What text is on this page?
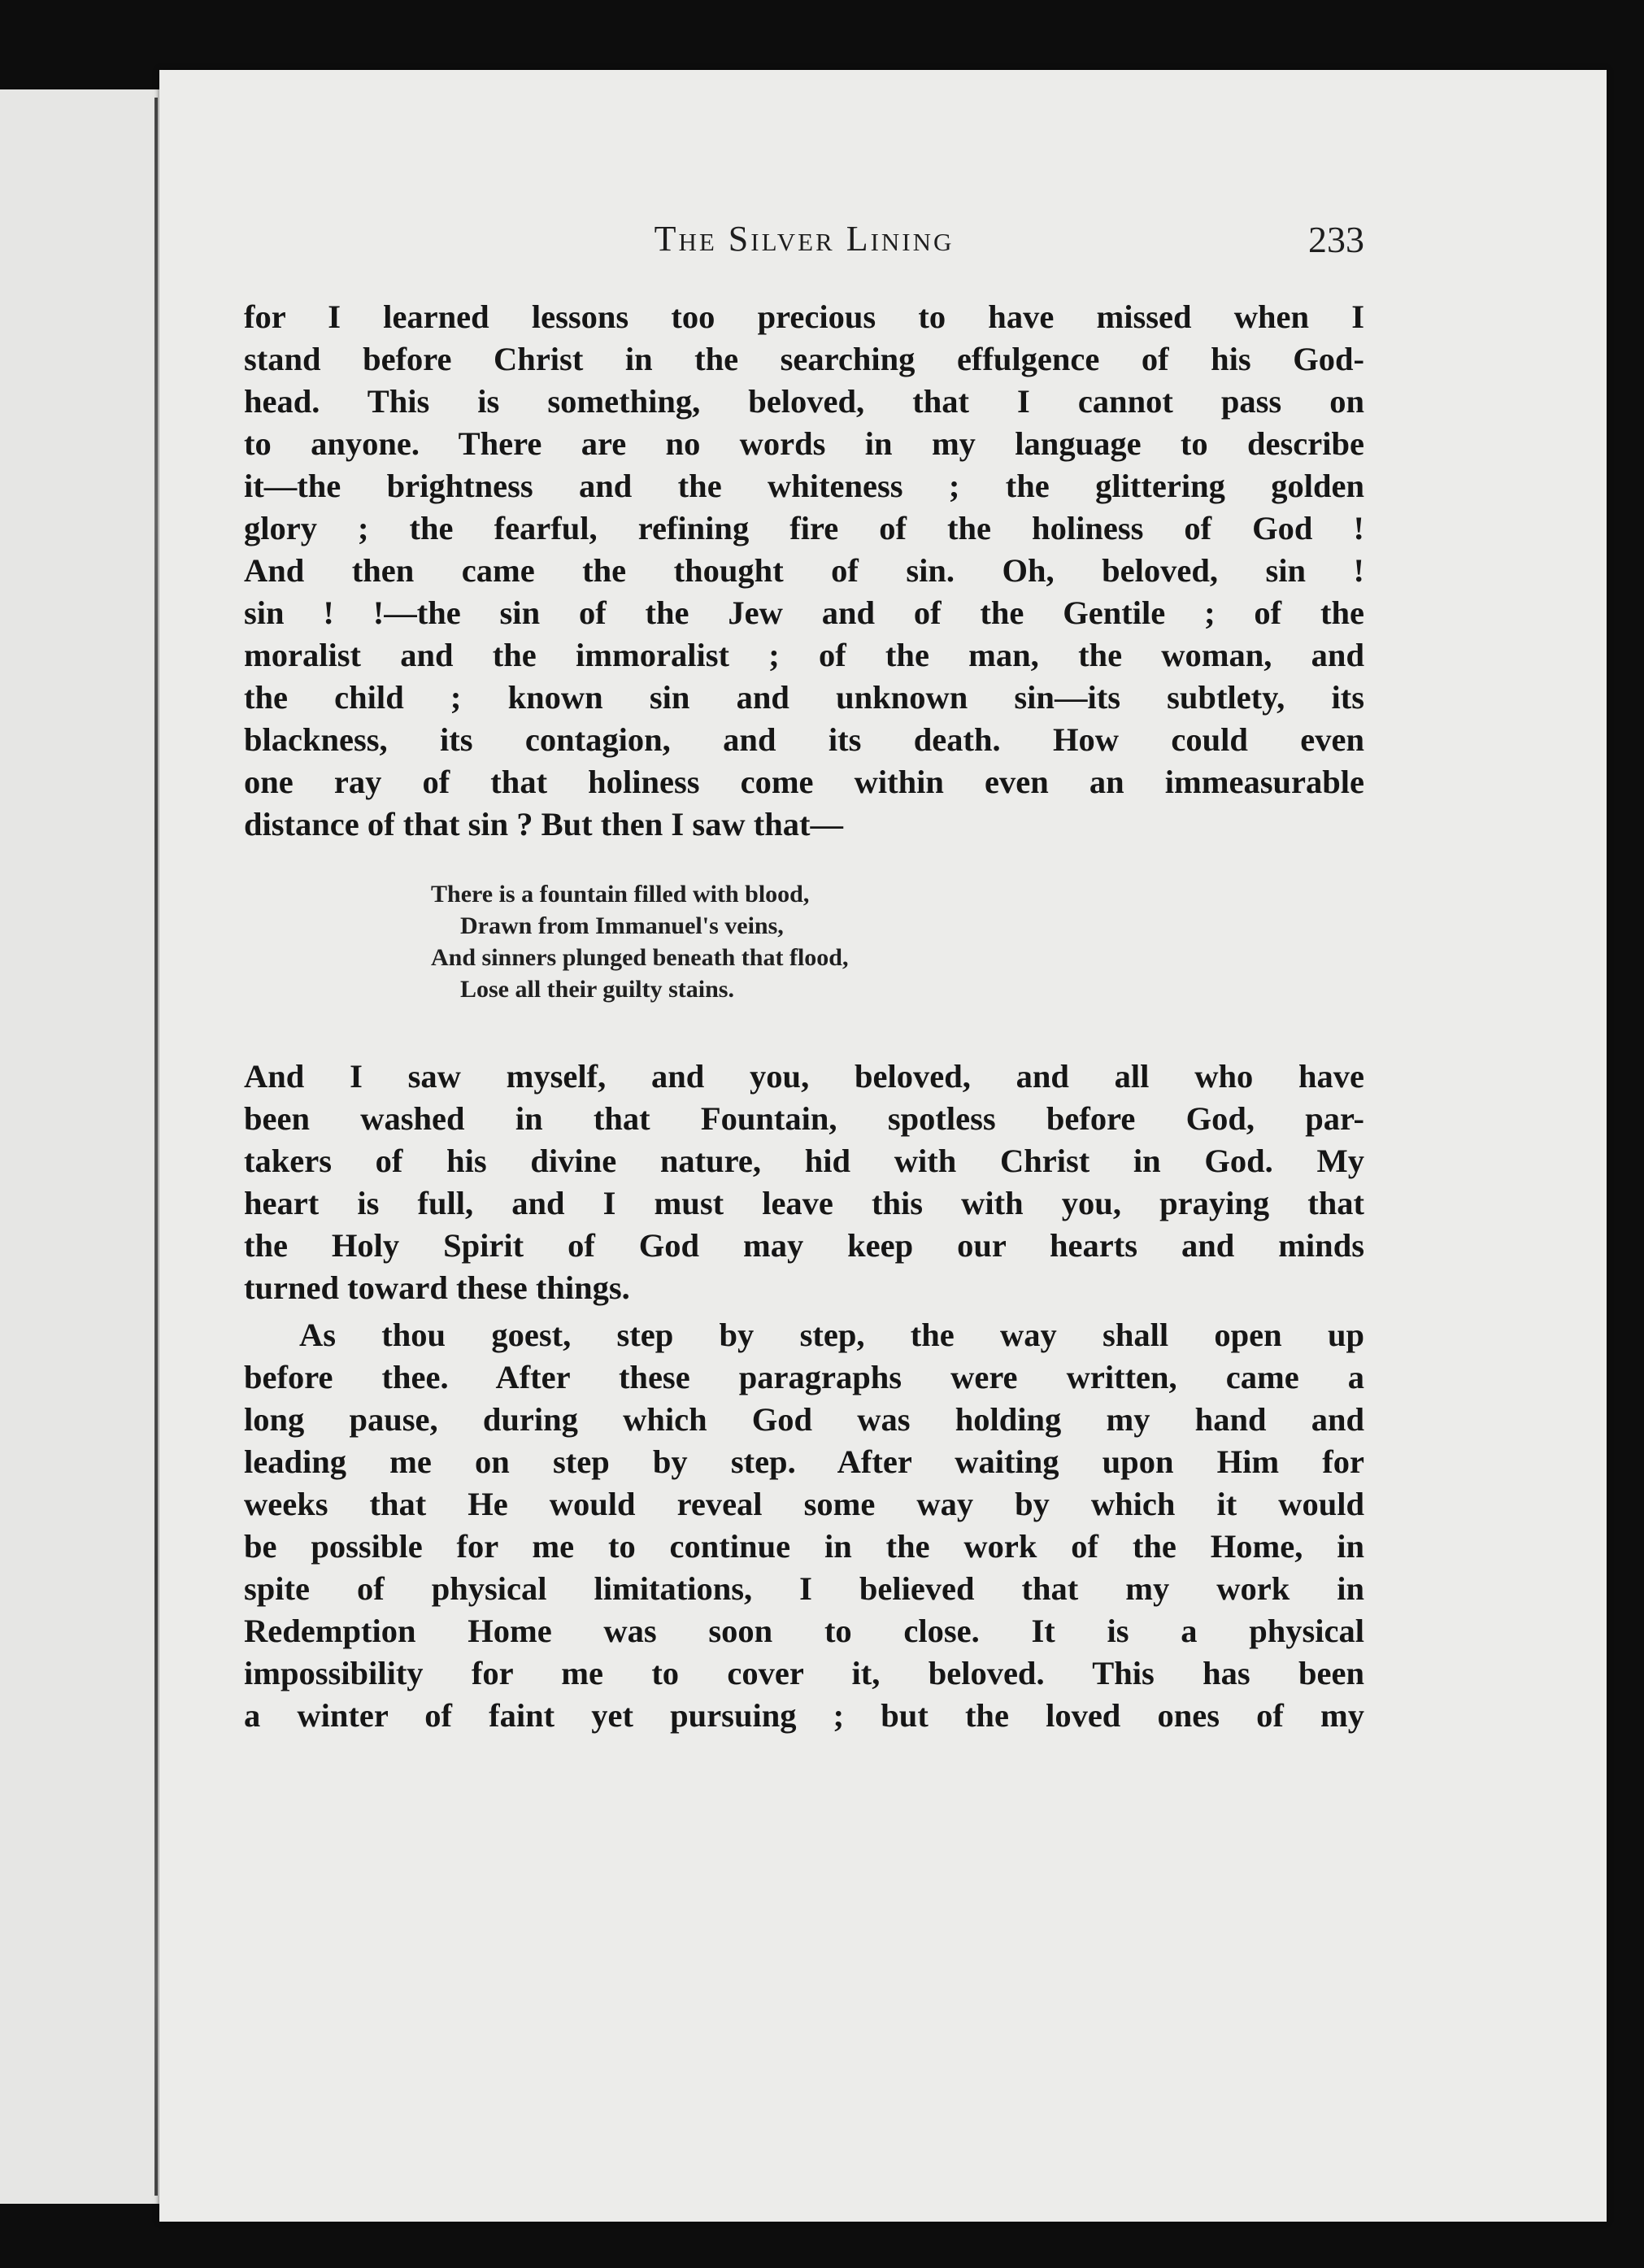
The Silver Lining	233

for I learned lessons too precious to have missed when I
stand before Christ in the searching effulgence of his God-
head. This is something, beloved, that I cannot pass on
to anyone. There are no words in my language to describe
it—the brightness and the whiteness ; the glittering golden
glory ; the fearful, refining fire of the holiness of God !
And then came the thought of sin. Oh, beloved, sin !
sin ! !—the sin of the Jew and of the Gentile ; of the
moralist and the immoralist ; of the man, the woman, and
the child ; known sin and unknown sin—its subtlety, its
blackness, its contagion, and its death. How could even
one ray of that holiness come within even an immeasurable
distance of that sin ? But then I saw that—

There is a fountain filled with blood,
Drawn from Immanuel's veins,
And sinners plunged beneath that flood,
Lose all their guilty stains.

And I saw myself, and you, beloved, and all who have
been washed in that Fountain, spotless before God, par-
takers of his divine nature, hid with Christ in God. My
heart is full, and I must leave this with you, praying that
the Holy Spirit of God may keep our hearts and minds
turned toward these things.

As thou goest, step by step, the way shall open up
before thee. After these paragraphs were written, came a
long pause, during which God was holding my hand and
leading me on step by step. After waiting upon Him for
weeks that He would reveal some way by which it would
be possible for me to continue in the work of the Home, in
spite of physical limitations, I believed that my work in
Redemption Home was soon to close. It is a physical
impossibility for me to cover it, beloved. This has been
a winter of faint yet pursuing ; but the loved ones of my
